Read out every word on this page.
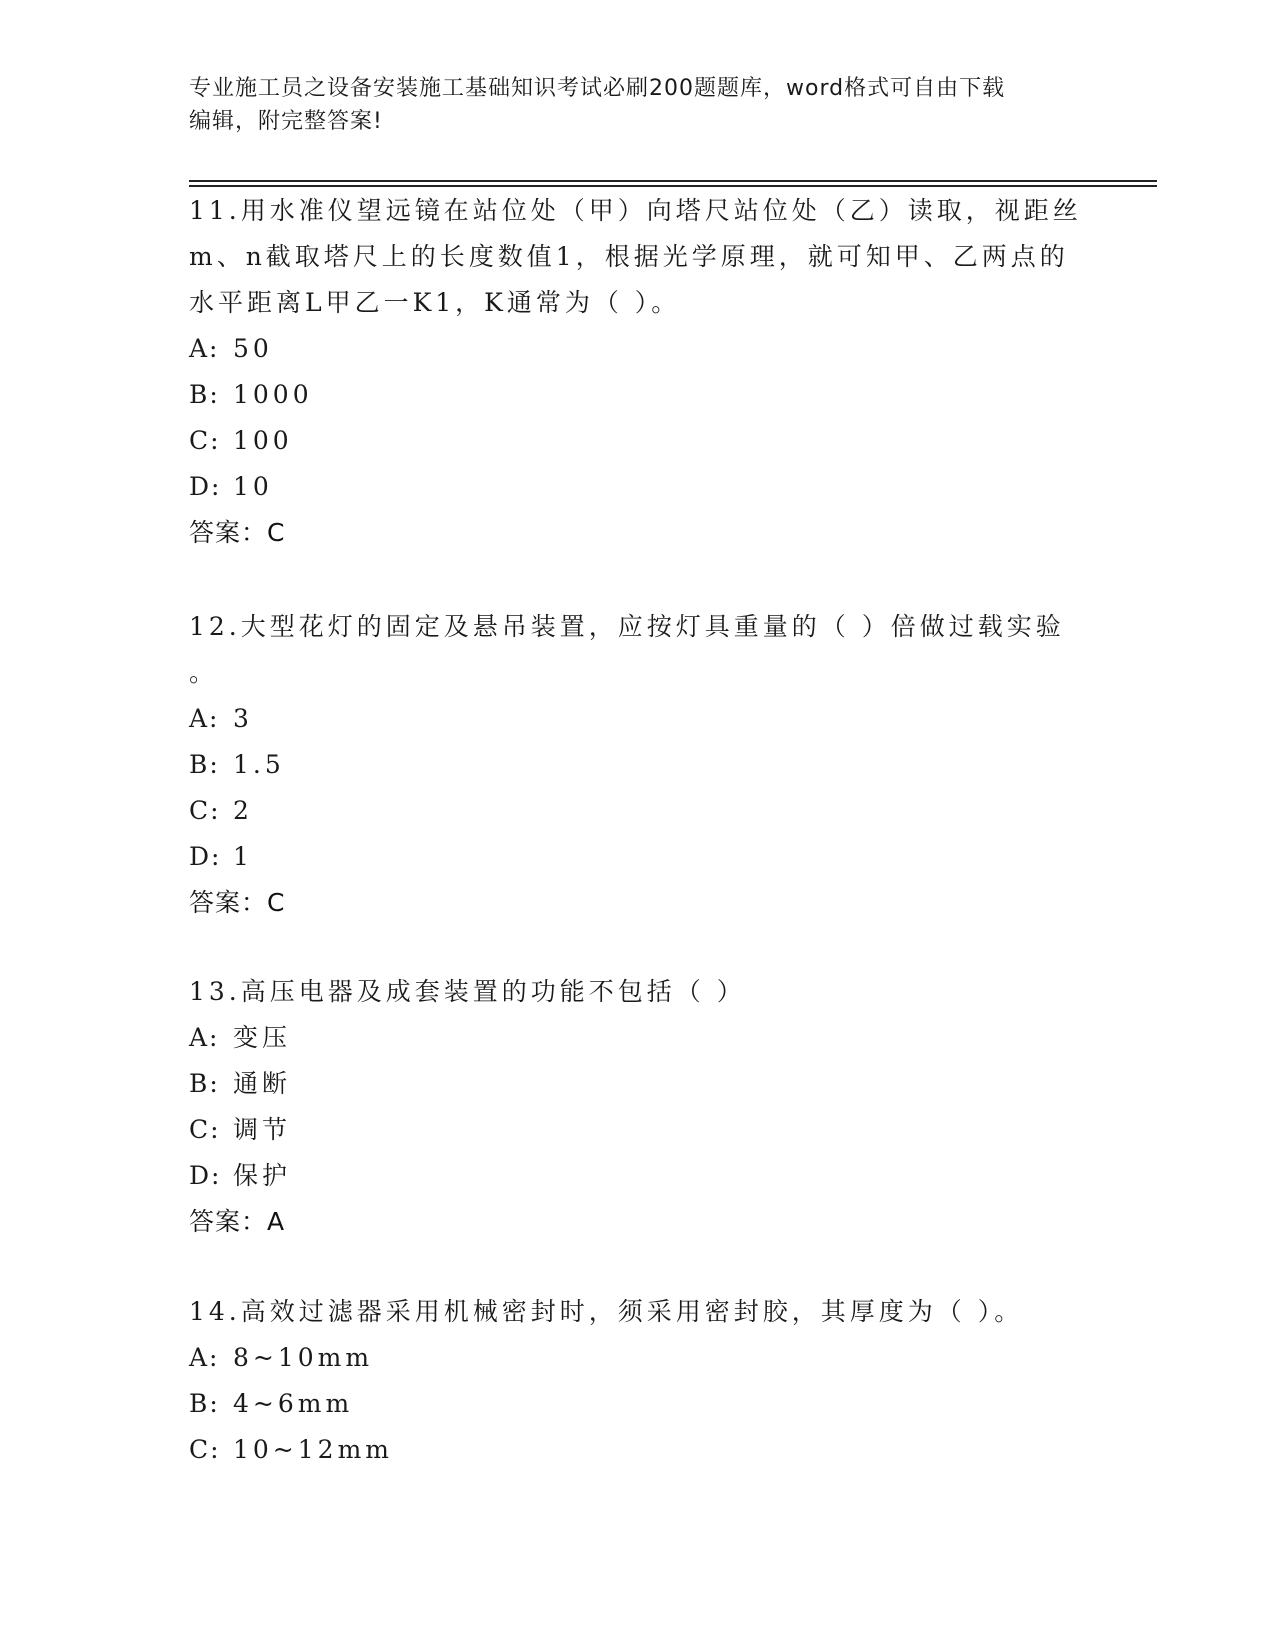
专业施工员之设备安装施工基础知识考试必刷200题题库，word格式可自由下载
编辑，附完整答案!

11.用水准仪望远镜在站位处（甲）向塔尺站位处（乙）读取，视距丝

m、n截取塔尺上的长度数值1，根据光学原理，就可知甲、乙两点的

水平距离L甲乙一K1，K通常为（ ）。

A: 50
B: 1000
C: 100
D: 10
答案：C

12.大型花灯的固定及悬吊装置，应按灯具重量的（ ）倍做过载实验

。

A: 3
B: 1.5
C: 2
D: 1
答案：C

13.高压电器及成套装置的功能不包括（ ）

A: 变压
B: 通断
C: 调节
D: 保护
答案：A

14.高效过滤器采用机械密封时，须采用密封胶，其厚度为（ ）。

A: 8~10mm
B: 4~6mm
C: 10~12mm
